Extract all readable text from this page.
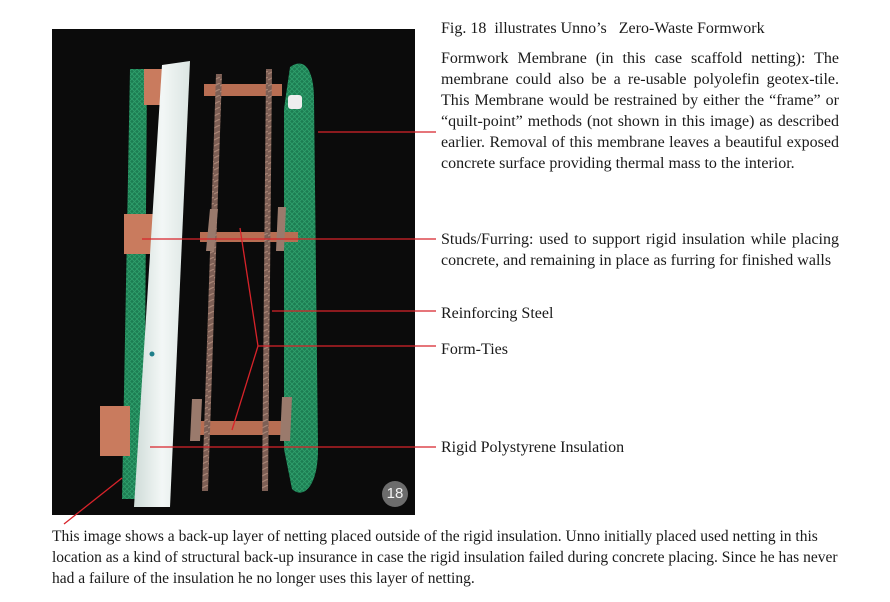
18

Fig. 18  illustrates Unno’s Zero-Waste Formwork

Formwork Membrane (in this case scaffold netting): The membrane could also be a re-usable polyolefin geotex-tile. This Membrane would be restrained by either the “frame” or “quilt-point” methods (not shown in this image) as described earlier. Removal of this membrane leaves a beautiful exposed concrete surface providing thermal mass to the interior.

Studs/Furring: used to support rigid insulation while placing concrete, and remaining in place as furring for finished walls

Reinforcing Steel

Form-Ties

Rigid Polystyrene Insulation

This image shows a back-up layer of netting placed outside of the rigid insulation. Unno initially placed used netting in this location as a kind of structural back-up insurance in case the rigid insulation failed during concrete placing. Since he has never had a failure of the insulation he no longer uses this layer of netting.
